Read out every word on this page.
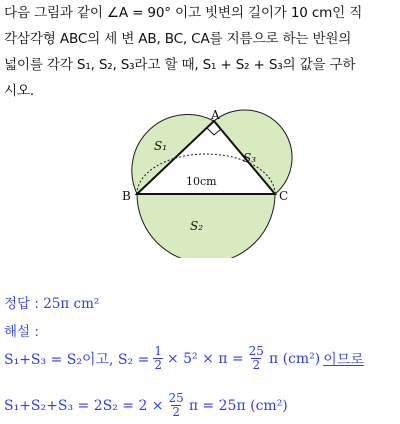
다음 그림과 같이 ∠A = 90° 이고 빗변의 길이가 10 cm인 직
각삼각형 ABC의 세 변 AB, BC, CA를 지름으로 하는 반원의
넓이를 각각 S₁, S₂, S₃라고 할 때, S₁ + S₂ + S₃의 값을 구하
시오.
A
B	C
S₁
S₂
S₃
10cm
정답 : 25π cm²
해설 :
S₁+S₃ = S₂이고, $S_2 = \frac{1}{2} \times 5^2 \times \pi = \frac{25}{2}$ π (cm²) 이므로
$S_1+S_2+S_3 = 2S_2 = 2 \times \frac{25}{2}$ π = 25π (cm²)
